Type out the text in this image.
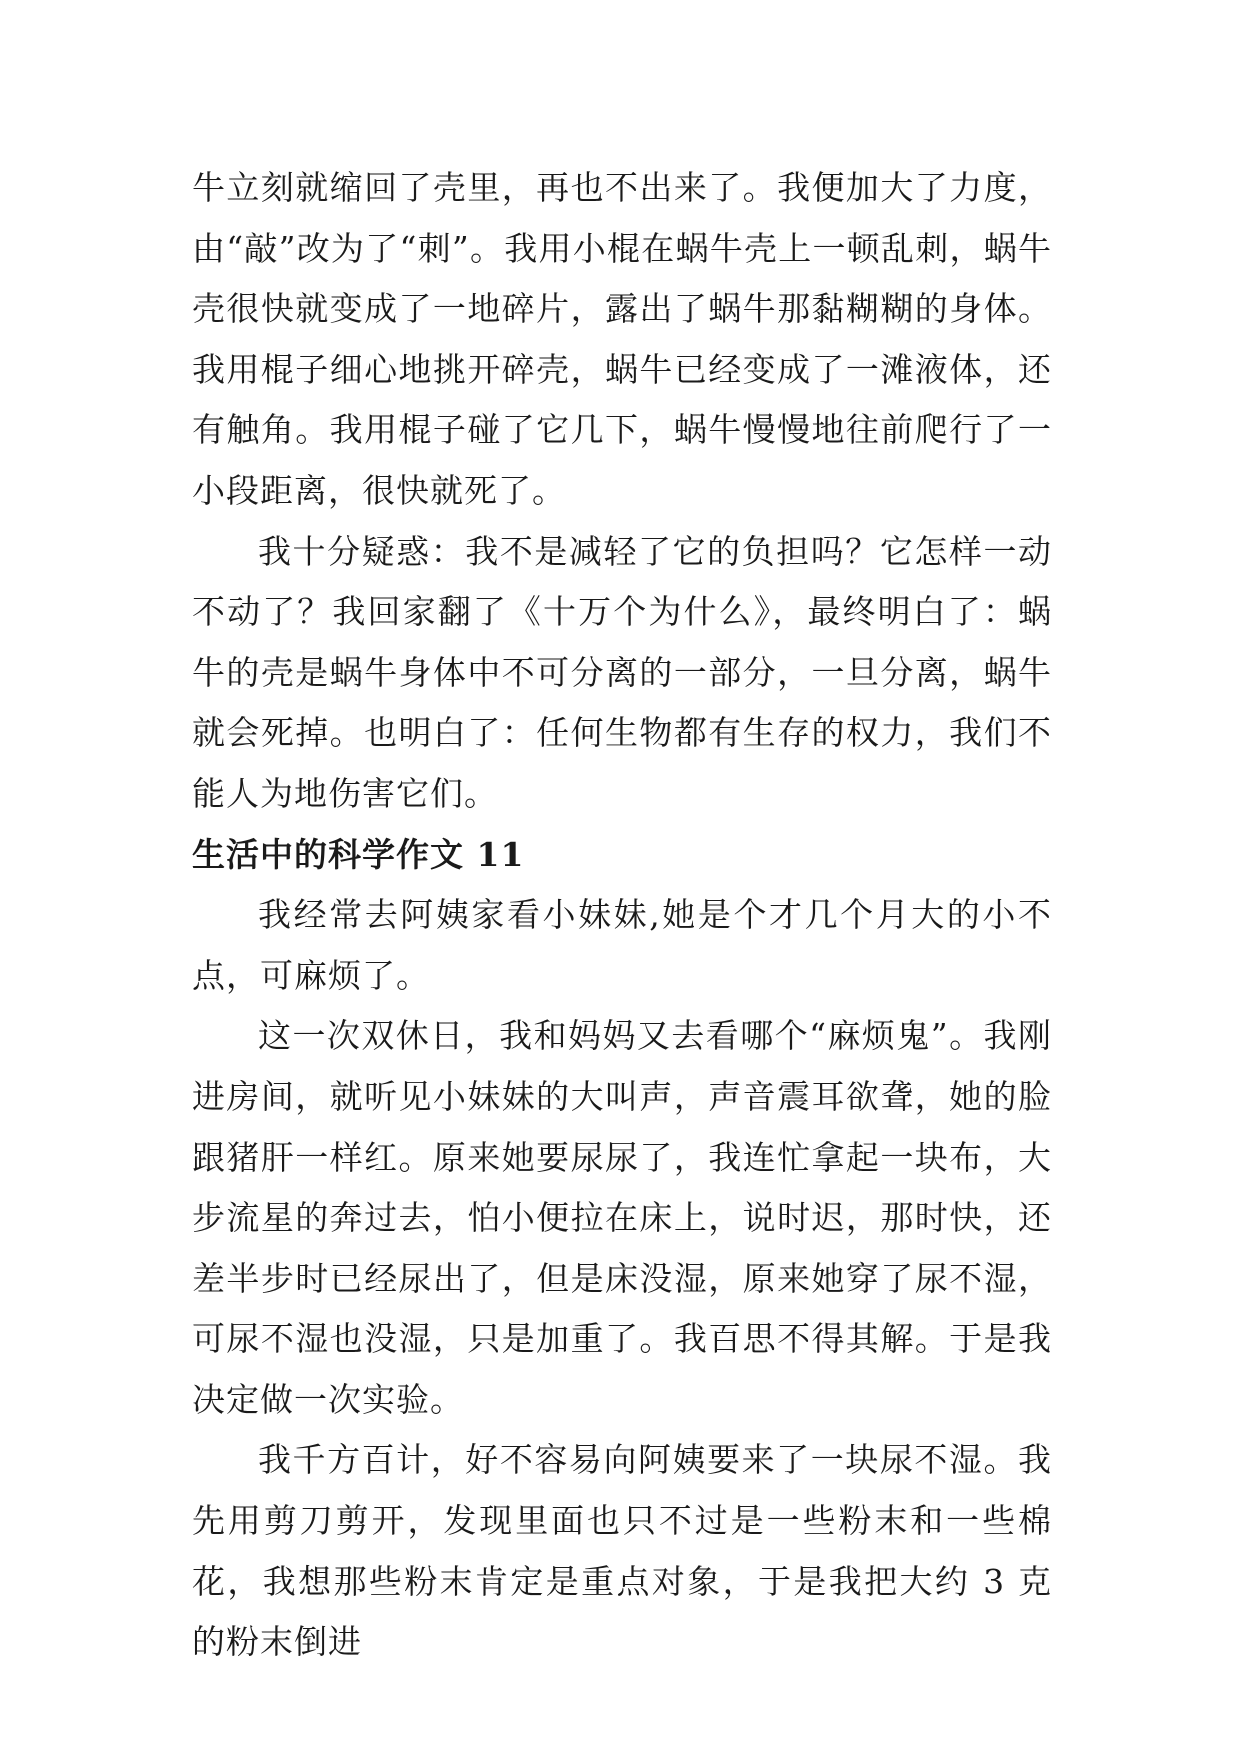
牛立刻就缩回了壳里，再也不出来了。我便加大了力度，由“敲”改为了“刺”。我用小棍在蜗牛壳上一顿乱刺，蜗牛壳很快就变成了一地碎片，露出了蜗牛那黏糊糊的身体。我用棍子细心地挑开碎壳，蜗牛已经变成了一滩液体，还有触角。我用棍子碰了它几下，蜗牛慢慢地往前爬行了一小段距离，很快就死了。

我十分疑惑：我不是减轻了它的负担吗？它怎样一动不动了？我回家翻了《十万个为什么》，最终明白了：蜗牛的壳是蜗牛身体中不可分离的一部分，一旦分离，蜗牛就会死掉。也明白了：任何生物都有生存的权力，我们不能人为地伤害它们。

生活中的科学作文 11

我经常去阿姨家看小妹妹,她是个才几个月大的小不点，可麻烦了。

这一次双休日，我和妈妈又去看哪个“麻烦鬼”。我刚进房间，就听见小妹妹的大叫声，声音震耳欲聋，她的脸跟猪肝一样红。原来她要尿尿了，我连忙拿起一块布，大步流星的奔过去，怕小便拉在床上，说时迟，那时快，还差半步时已经尿出了，但是床没湿，原来她穿了尿不湿，可尿不湿也没湿，只是加重了。我百思不得其解。于是我决定做一次实验。

我千方百计，好不容易向阿姨要来了一块尿不湿。我先用剪刀剪开，发现里面也只不过是一些粉末和一些棉花，我想那些粉末肯定是重点对象，于是我把大约 3 克的粉末倒进
